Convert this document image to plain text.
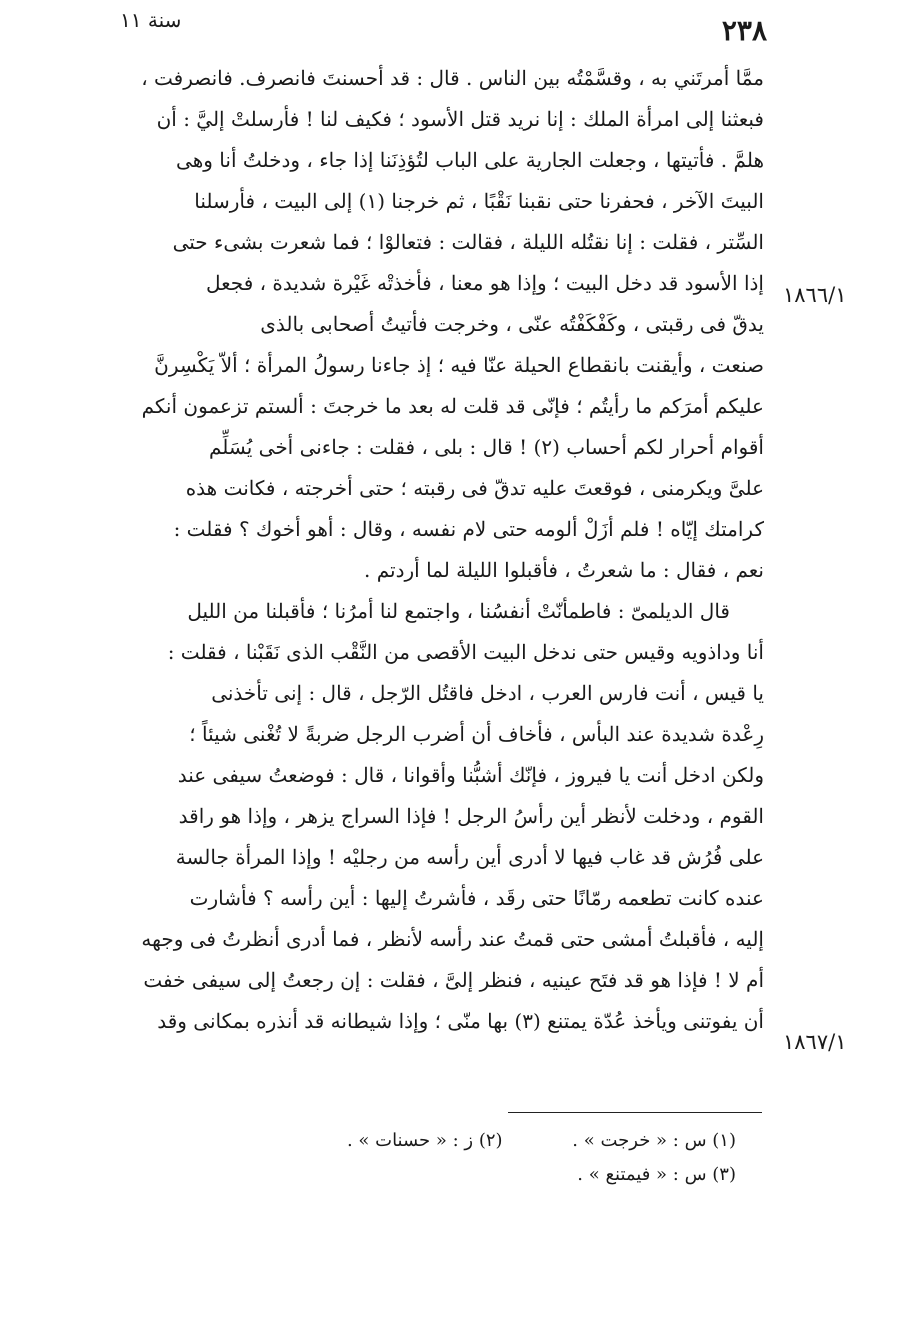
٢٣٨
سنة ١١
١٨٦٦/١
١٨٦٧/١
ممَّا أمرتَني به ، وقسَّمْتُه بين الناس . قال : قد أحسنتَ فانصرف. فانصرفت ،
فبعثنا إلى امرأة الملك : إنا نريد قتل الأسود ؛ فكيف لنا ! فأرسلتْ إليَّ : أن
هلمَّ . فأتيتها ، وجعلت الجارية على الباب لتُؤذِنَنا إذا جاء ، ودخلتُ أنا وهى
البيتَ الآخر ، فحفرنا حتى نقبنا نَقْبًا ، ثم خرجنا (١) إلى البيت ، فأرسلنا
السِّتر ، فقلت : إنا نقتُله الليلة ، فقالت : فتعالوْا ؛ فما شعرت بشىء حتى
إذا الأسود قد دخل البيت ؛ وإذا هو معنا ، فأخذتْه غَيْرة شديدة ، فجعل
يدقّ فى رقبتى ، وكَفْكَفْتُه عنّى ، وخرجت فأتيتُ أصحابى بالذى
صنعت ، وأيقنت بانقطاع الحيلة عنّا فيه ؛ إذ جاءنا رسولُ المرأة ؛ ألاّ يَكْسِرنَّ
عليكم أمرَكم ما رأيتُم ؛ فإنّى قد قلت له بعد ما خرجتَ : ألستم تزعمون أنكم
أقوام أحرار لكم أحساب (٢) ! قال : بلى ، فقلت : جاءنى أخى يُسَلِّم
علىَّ ويكرمنى ، فوقعتَ عليه تدقّ فى رقبته ؛ حتى أخرجته ، فكانت هذه
كرامتك إيّاه ! فلم أزَلْ ألومه حتى لام نفسه ، وقال : أهو أخوك ؟ فقلت :
نعم ، فقال : ما شعرتُ ، فأقبلوا الليلة لما أردتم .
قال الديلمىّ : فاطمأنّتْ أنفسُنا ، واجتمع لنا أمرُنا ؛ فأقبلنا من الليل
أنا وداذويه وقيس حتى ندخل البيت الأقصى من النَّقْب الذى نَقَبْنا ، فقلت :
يا قيس ، أنت فارس العرب ، ادخل فاقتُل الرّجل ، قال : إنى تأخذنى
رِعْدة شديدة عند البأس ، فأخاف أن أضرب الرجل ضربةً لا تُغْنى شيئاً ؛
ولكن ادخل أنت يا فيروز ، فإنّك أشبُّنا وأقوانا ، قال : فوضعتُ سيفى عند
القوم ، ودخلت لأنظر أين رأسُ الرجل ! فإذا السراج يزهر ، وإذا هو راقد
على فُرُش قد غاب فيها لا أدرى أين رأسه من رجليْه ! وإذا المرأة جالسة
عنده كانت تطعمه رمّانًا حتى رقَد ، فأشرتُ إليها : أين رأسه ؟ فأشارت
إليه ، فأقبلتُ أمشى حتى قمتُ عند رأسه لأنظر ، فما أدرى أنظرتُ فى وجهه
أم لا ! فإذا هو قد فتَح عينيه ، فنظر إلىَّ ، فقلت : إن رجعتُ إلى سيفى خفت
أن يفوتنى ويأخذ عُدّة يمتنع (٣) بها منّى ؛ وإذا شيطانه قد أنذره بمكانى وقد
(١) س : « خرجت » . (٢) ز : « حسنات » .
(٣) س : « فيمتنع » .
